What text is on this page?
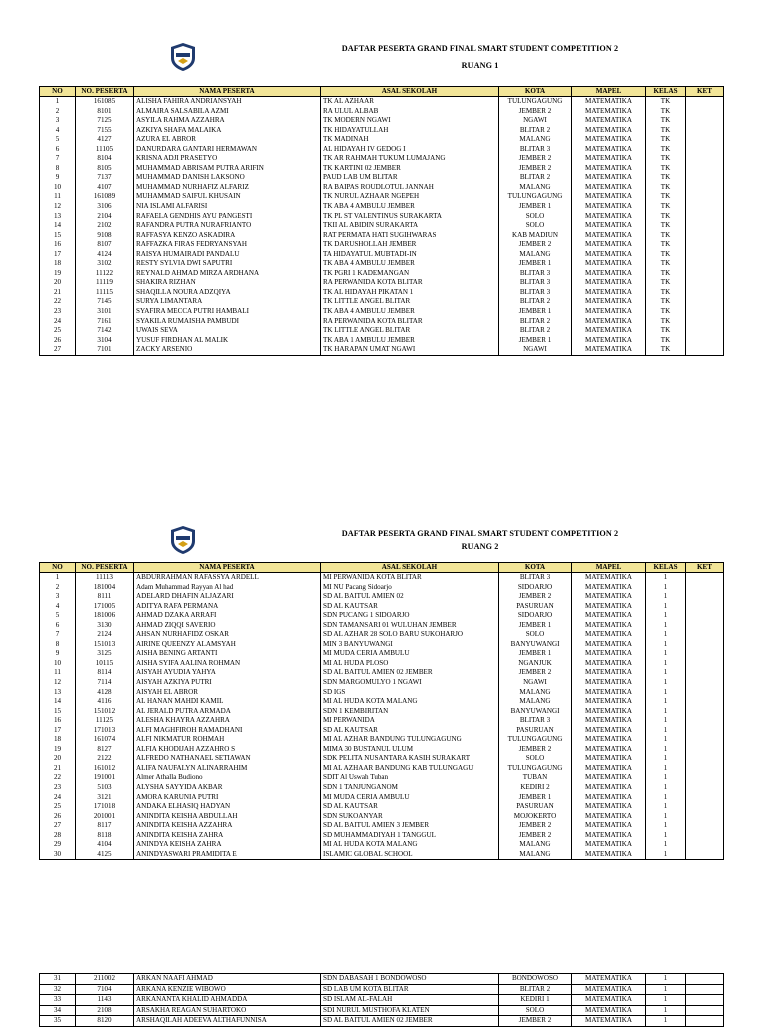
DAFTAR PESERTA GRAND FINAL SMART STUDENT COMPETITION 2
RUANG 1
NO	NO. PESERTA	NAMA PESERTA	ASAL SEKOLAH	KOTA	MAPEL	KELAS	KET
1	161085	ALISHA FAHIRA ANDRIANSYAH	TK AL AZHAAR	TULUNGAGUNG	MATEMATIKA	TK	
2	8101	ALMAIRA SALSABILA AZMI	RA ULUL ALBAB	JEMBER 2	MATEMATIKA	TK	
3	7125	ASYILA RAHMA AZZAHRA	TK MODERN NGAWI	NGAWI	MATEMATIKA	TK	
4	7155	AZKIYA SHAFA MALAIKA	TK HIDAYATULLAH	BLITAR 2	MATEMATIKA	TK	
5	4127	AZURA EL ABROR	TK MADINAH	MALANG	MATEMATIKA	TK	
6	11105	DANURDARA GANTARI HERMAWAN	AL HIDAYAH IV GEDOG I	BLITAR 3	MATEMATIKA	TK	
7	8104	KRISNA ADJI PRASETYO	TK AR RAHMAH TUKUM LUMAJANG	JEMBER 2	MATEMATIKA	TK	
8	8105	MUHAMMAD ABRISAM PUTRA ARIFIN	TK KARTINI 02 JEMBER	JEMBER 2	MATEMATIKA	TK	
9	7137	MUHAMMAD DANISH LAKSONO	PAUD LAB UM BLITAR	BLITAR 2	MATEMATIKA	TK	
10	4107	MUHAMMAD NURHAFIZ ALFARIZ	RA BAIPAS ROUDLOTUL JANNAH	MALANG	MATEMATIKA	TK	
11	161089	MUHAMMAD SAIFUL KHUSAIN	TK NURUL AZHAAR NGEPEH	TULUNGAGUNG	MATEMATIKA	TK	
12	3106	NIA ISLAMI ALFARISI	TK ABA 4 AMBULU JEMBER	JEMBER 1	MATEMATIKA	TK	
13	2104	RAFAELA GENDHIS AYU PANGESTI	TK PL ST VALENTINUS SURAKARTA	SOLO	MATEMATIKA	TK	
14	2102	RAFANDRA PUTRA NURAFRIANTO	TKII AL ABIDIN SURAKARTA	SOLO	MATEMATIKA	TK	
15	9108	RAFFASYA KENZO ASKADIRA	RAT PERMATA HATI SUGIHWARAS	KAB MADIUN	MATEMATIKA	TK	
16	8107	RAFFAZKA FIRAS FEDRYANSYAH	TK DARUSHOLLAH JEMBER	JEMBER 2	MATEMATIKA	TK	
17	4124	RAISYA HUMAIRADI PANDALU	TA HIDAYATUL MUBTADI-IN	MALANG	MATEMATIKA	TK	
18	3102	RESTY SYLVIA DWI SAPUTRI	TK ABA 4 AMBULU JEMBER	JEMBER 1	MATEMATIKA	TK	
19	11122	REYNALD AHMAD MIRZA ARDHANA	TK PGRI 1 KADEMANGAN	BLITAR 3	MATEMATIKA	TK	
20	11119	SHAKIRA RIZHAN	RA PERWANIDA KOTA BLITAR	BLITAR 3	MATEMATIKA	TK	
21	11115	SHAQILLA NOURA ADZQIYA	TK AL HIDAYAH PIKATAN 1	BLITAR 3	MATEMATIKA	TK	
22	7145	SURYA LIMANTARA	TK LITTLE ANGEL BLITAR	BLITAR 2	MATEMATIKA	TK	
23	3101	SYAFIRA MECCA PUTRI HAMBALI	TK ABA 4 AMBULU JEMBER	JEMBER 1	MATEMATIKA	TK	
24	7161	SYAKILA RUMAISHA PAMBUDI	RA PERWANIDA KOTA BLITAR	BLITAR 2	MATEMATIKA	TK	
25	7142	UWAIS SEVA	TK LITTLE ANGEL BLITAR	BLITAR 2	MATEMATIKA	TK	
26	3104	YUSUF FIRDHAN AL MALIK	TK ABA 1 AMBULU JEMBER	JEMBER 1	MATEMATIKA	TK	
27	7101	ZACKY ARSENIO	TK HARAPAN UMAT NGAWI	NGAWI	MATEMATIKA	TK	
DAFTAR PESERTA GRAND FINAL SMART STUDENT COMPETITION 2
RUANG 2
NO	NO. PESERTA	NAMA PESERTA	ASAL SEKOLAH	KOTA	MAPEL	KELAS	KET
1	11113	ABDURRAHMAN RAFASSYA ARDELL	MI PERWANIDA KOTA BLITAR	BLITAR 3	MATEMATIKA	1	
2	181004	Adam Muhammad Rayyan Al had	MI NU Pacang Sidoarjo	SIDOARJO	MATEMATIKA	1	
3	8111	ADELARD DHAFIN ALJAZARI	SD AL BAITUL AMIEN 02	JEMBER 2	MATEMATIKA	1	
4	171005	ADITYA RAFA PERMANA	SD AL KAUTSAR	PASURUAN	MATEMATIKA	1	
5	181006	AHMAD DZAKA ARRAFI	SDN PUCANG 1 SIDOARJO	SIDOARJO	MATEMATIKA	1	
6	3130	AHMAD ZIQQI SAVERIO	SDN TAMANSARI 01 WULUHAN JEMBER	JEMBER 1	MATEMATIKA	1	
7	2124	AHSAN NURHAFIDZ OSKAR	SD AL AZHAR 28 SOLO BARU SUKOHARJO	SOLO	MATEMATIKA	1	
8	151013	AIRINE QUEENZY ALAMSYAH	MIN 3 BANYUWANGI	BANYUWANGI	MATEMATIKA	1	
9	3125	AISHA BENING ARTANTI	MI MUDA CERIA AMBULU	JEMBER 1	MATEMATIKA	1	
10	10115	AISHA SYIFA AALINA ROHMAN	MI AL HUDA PLOSO	NGANJUK	MATEMATIKA	1	
11	8114	AISYAH AYUDIA YAHYA	SD AL BAITUL AMIEN 02 JEMBER	JEMBER 2	MATEMATIKA	1	
12	7114	AISYAH AZKIYA PUTRI	SDN MARGOMULYO 1 NGAWI	NGAWI	MATEMATIKA	1	
13	4128	AISYAH EL ABROR	SD IGS	MALANG	MATEMATIKA	1	
14	4116	AL HANAN MAHDI KAMIL	MI AL HUDA KOTA MALANG	MALANG	MATEMATIKA	1	
15	151012	AL JERALD PUTRA ARMADA	SDN 1 KEMBIRITAN	BANYUWANGI	MATEMATIKA	1	
16	11125	ALESHA KHAYRA AZZAHRA	MI PERWANIDA	BLITAR 3	MATEMATIKA	1	
17	171013	ALFI MAGHFIROH RAMADHANI	SD AL KAUTSAR	PASURUAN	MATEMATIKA	1	
18	161074	ALFI NIKMATUR ROHMAH	MI AL AZHAR BANDUNG TULUNGAGUNG	TULUNGAGUNG	MATEMATIKA	1	
19	8127	ALFIA KHODIJAH AZZAHRO S	MIMA 30 BUSTANUL ULUM	JEMBER 2	MATEMATIKA	1	
20	2122	ALFREDO NATHANAEL SETIAWAN	SDK PELITA NUSANTARA KASIH SURAKART	SOLO	MATEMATIKA	1	
21	161012	ALIFA NAUFALYN ALINARRAHIM	MI AL AZHAAR BANDUNG KAB TULUNGAGU	TULUNGAGUNG	MATEMATIKA	1	
22	191001	Almer Athalla Budiono	SDIT Al Uswah Tuban	TUBAN	MATEMATIKA	1	
23	5103	ALYSHA SAYYIDA AKBAR	SDN 1 TANJUNGANOM	KEDIRI 2	MATEMATIKA	1	
24	3121	AMORA KARUNIA PUTRI	MI MUDA CERIA AMBULU	JEMBER 1	MATEMATIKA	1	
25	171018	ANDAKA ELHASIQ HADYAN	SD AL KAUTSAR	PASURUAN	MATEMATIKA	1	
26	201001	ANINDITA KEISHA ABDULLAH	SDN SUKOANYAR	MOJOKERTO	MATEMATIKA	1	
27	8117	ANINDITA KEISHA AZZAHRA	SD AL BAITUL AMIEN 3 JEMBER	JEMBER 2	MATEMATIKA	1	
28	8118	ANINDITA KEISHA ZAHRA	SD MUHAMMADIYAH 1 TANGGUL	JEMBER 2	MATEMATIKA	1	
29	4104	ANINDYA KEISHA ZAHRA	MI AL HUDA KOTA MALANG	MALANG	MATEMATIKA	1	
30	4125	ANINDYASWARI PRAMIDITA E	ISLAMIC GLOBAL SCHOOL	MALANG	MATEMATIKA	1	
31	211002	ARKAN NAAFI AHMAD	SDN DABASAH 1 BONDOWOSO	BONDOWOSO	MATEMATIKA	1	
32	7104	ARKANA KENZIE WIBOWO	SD LAB UM KOTA BLITAR	BLITAR 2	MATEMATIKA	1	
33	1143	ARKANANTA KHALID AHMADDA	SD ISLAM AL-FALAH	KEDIRI 1	MATEMATIKA	1	
34	2108	ARSAKHA REAGAN SUHARTOKO	SDI NURUL MUSTHOFA KLATEN	SOLO	MATEMATIKA	1	
35	8120	ARSHAQILAH ADEEVA ALTHAFUNNISA	SD AL BAITUL AMIEN 02 JEMBER	JEMBER 2	MATEMATIKA	1	
